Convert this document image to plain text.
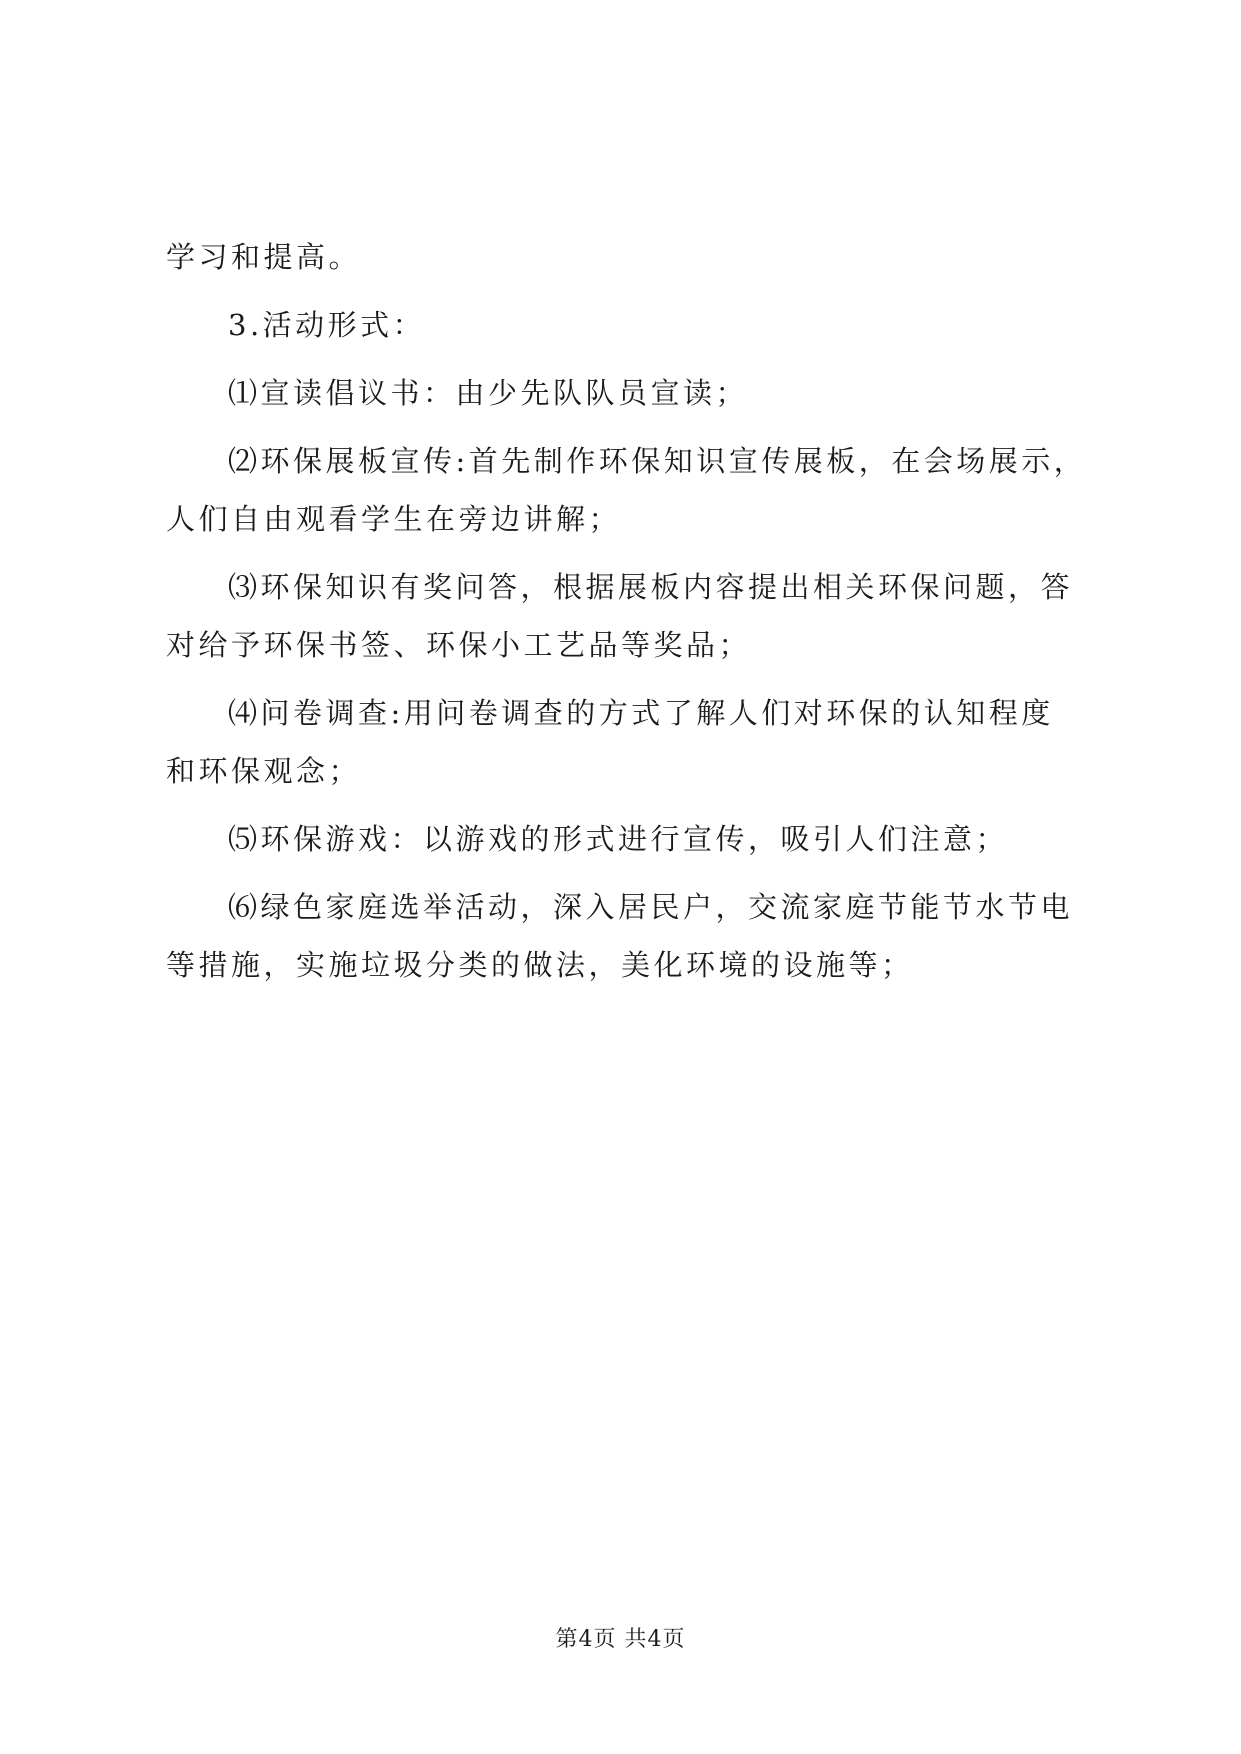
学习和提高。
3.活动形式：
⑴宣读倡议书：由少先队队员宣读；
⑵环保展板宣传:首先制作环保知识宣传展板，在会场展示，
人们自由观看学生在旁边讲解；
⑶环保知识有奖问答，根据展板内容提出相关环保问题，答
对给予环保书签、环保小工艺品等奖品；
⑷问卷调查:用问卷调查的方式了解人们对环保的认知程度
和环保观念；
⑸环保游戏：以游戏的形式进行宣传，吸引人们注意；
⑹绿色家庭选举活动，深入居民户，交流家庭节能节水节电
等措施，实施垃圾分类的做法，美化环境的设施等；
第4页 共4页
